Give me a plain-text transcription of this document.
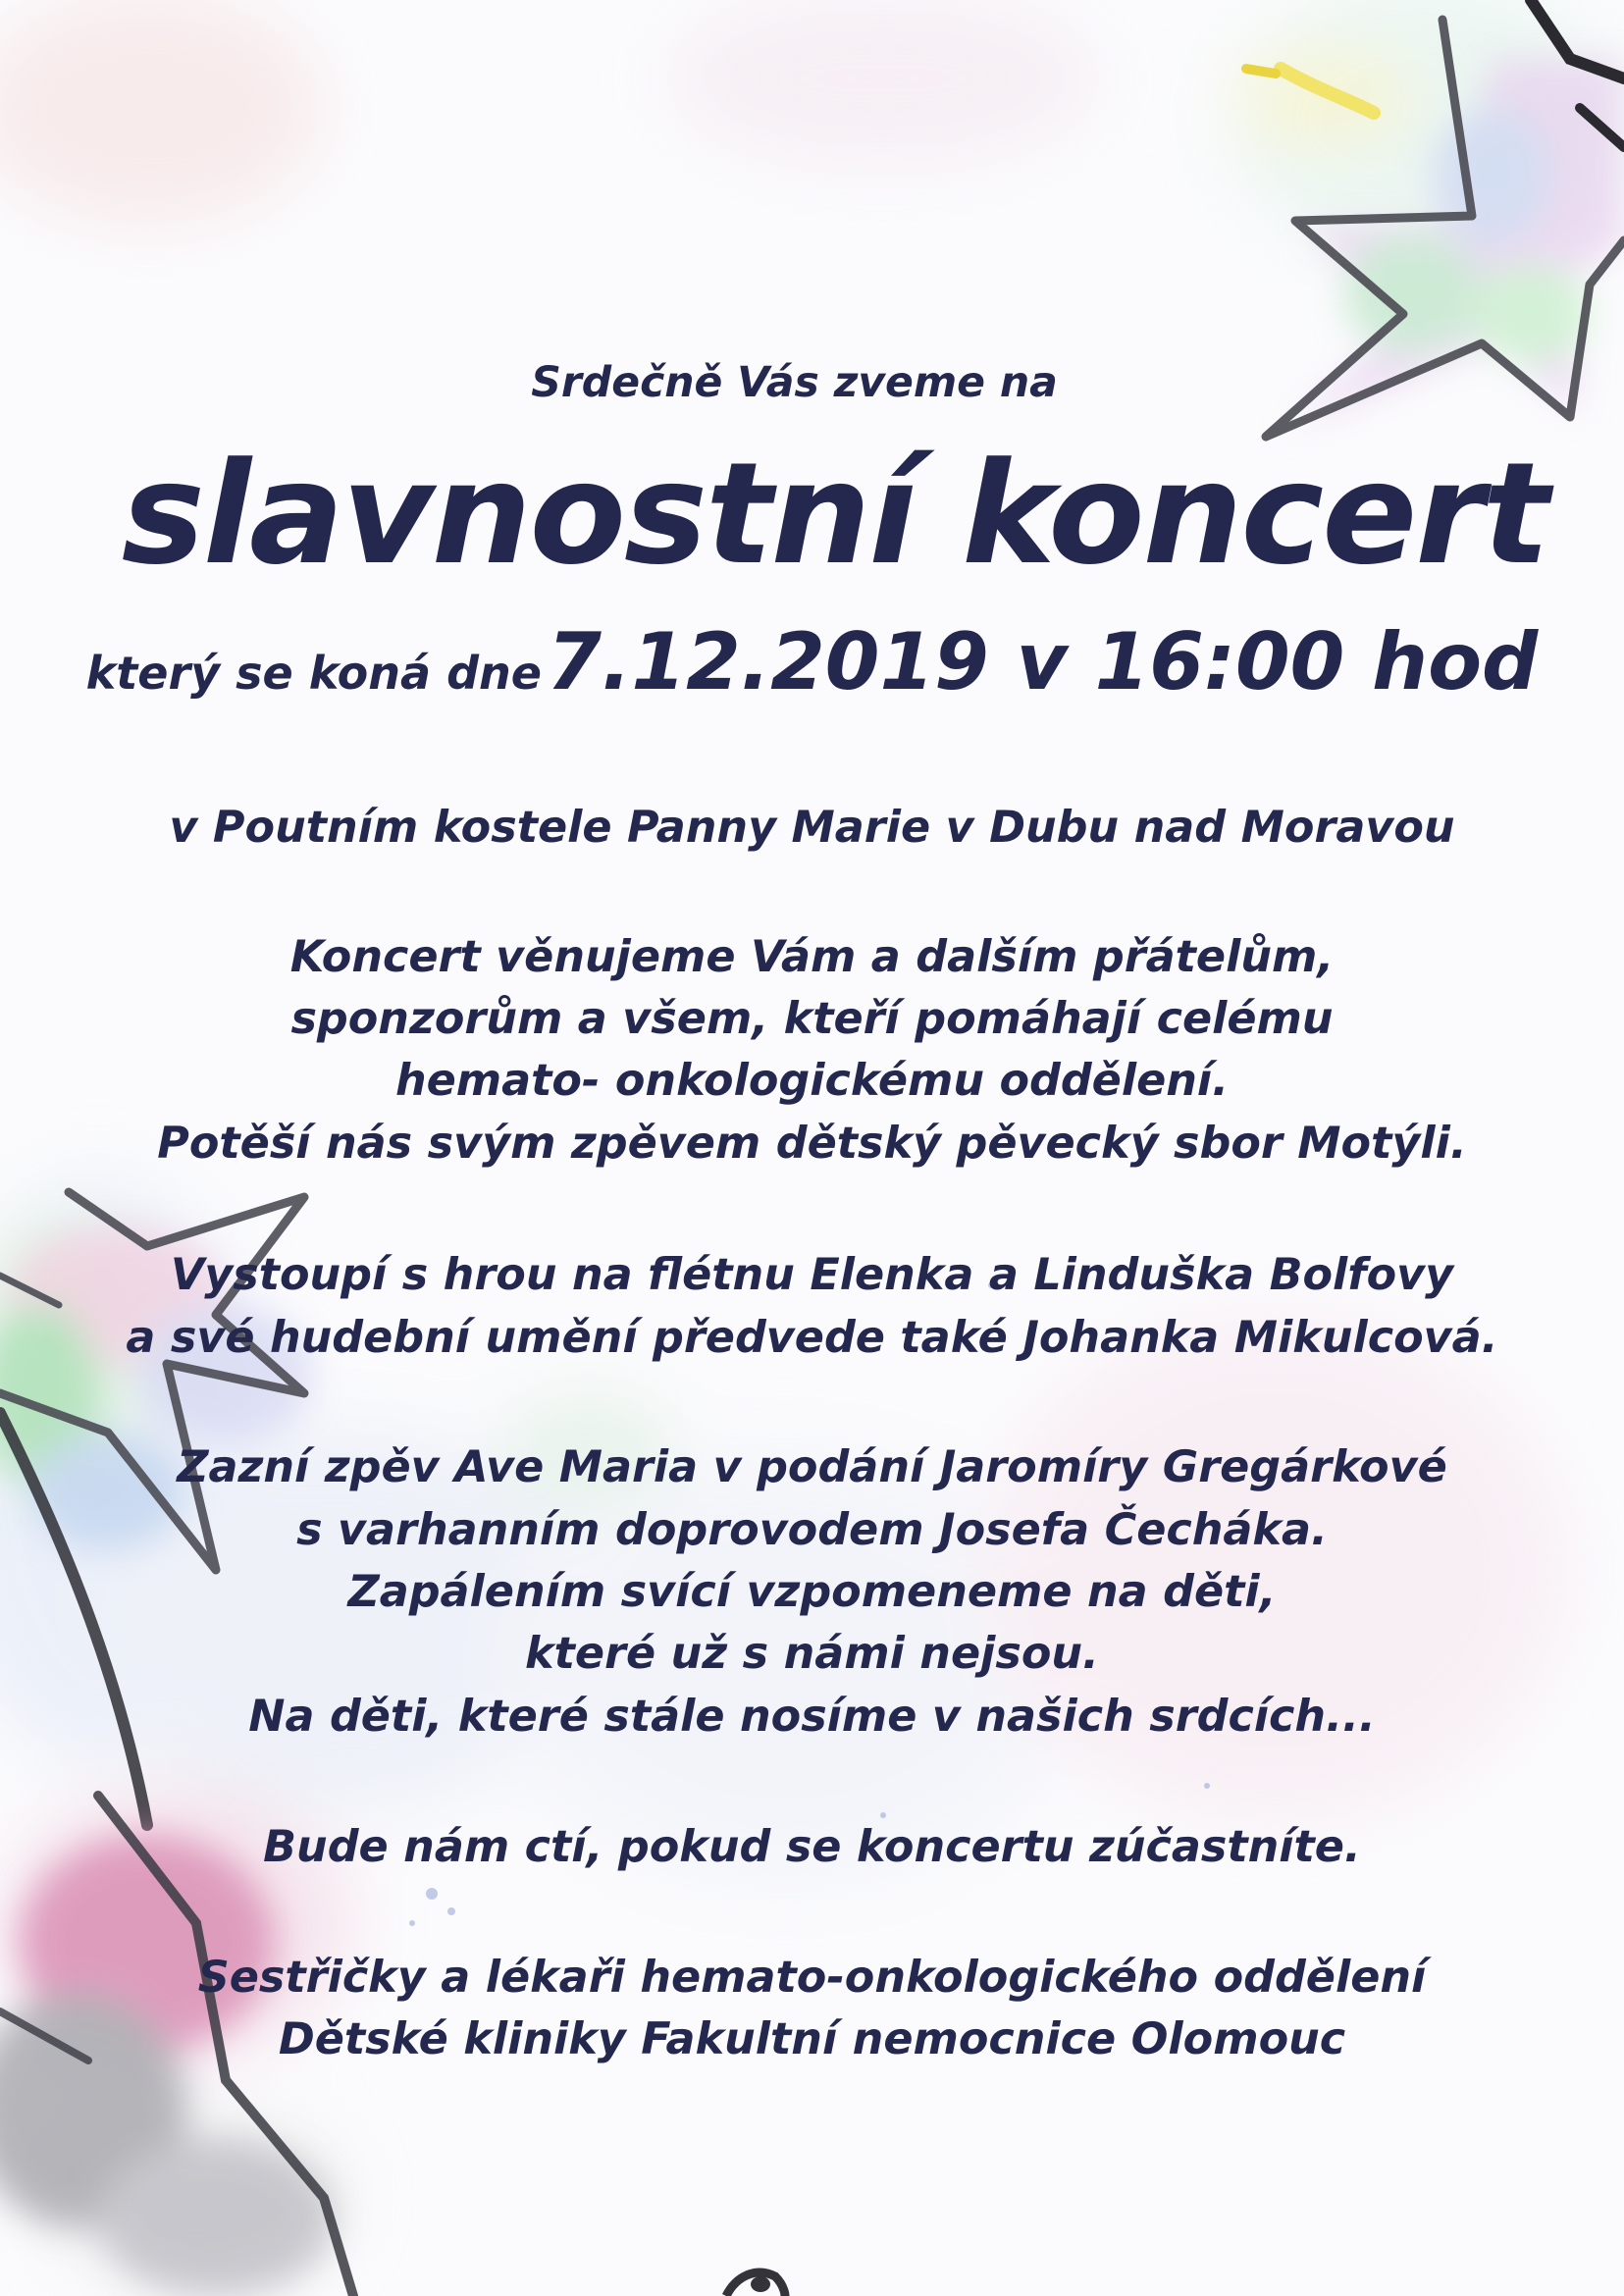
Srdečně Vás zveme na
slavnostní koncert
který se koná dne 7.12.2019 v 16:00 hod
v Poutním kostele Panny Marie v Dubu nad Moravou
Koncert věnujeme Vám a dalším přátelům,
sponzorům a všem, kteří pomáhají celému
hemato- onkologickému oddělení.
Potěší nás svým zpěvem dětský pěvecký sbor Motýli.
Vystoupí s hrou na flétnu Elenka a Linduška Bolfovy
a své hudební umění předvede také Johanka Mikulcová.
Zazní zpěv Ave Maria v podání Jaromíry Gregárkové
s varhanním doprovodem Josefa Čecháka.
Zapálením svící vzpomeneme na děti,
které už s námi nejsou.
Na děti, které stále nosíme v našich srdcích...
Bude nám ctí, pokud se koncertu zúčastníte.
Sestřičky a lékaři hemato-onkologického oddělení
Dětské kliniky Fakultní nemocnice Olomouc
